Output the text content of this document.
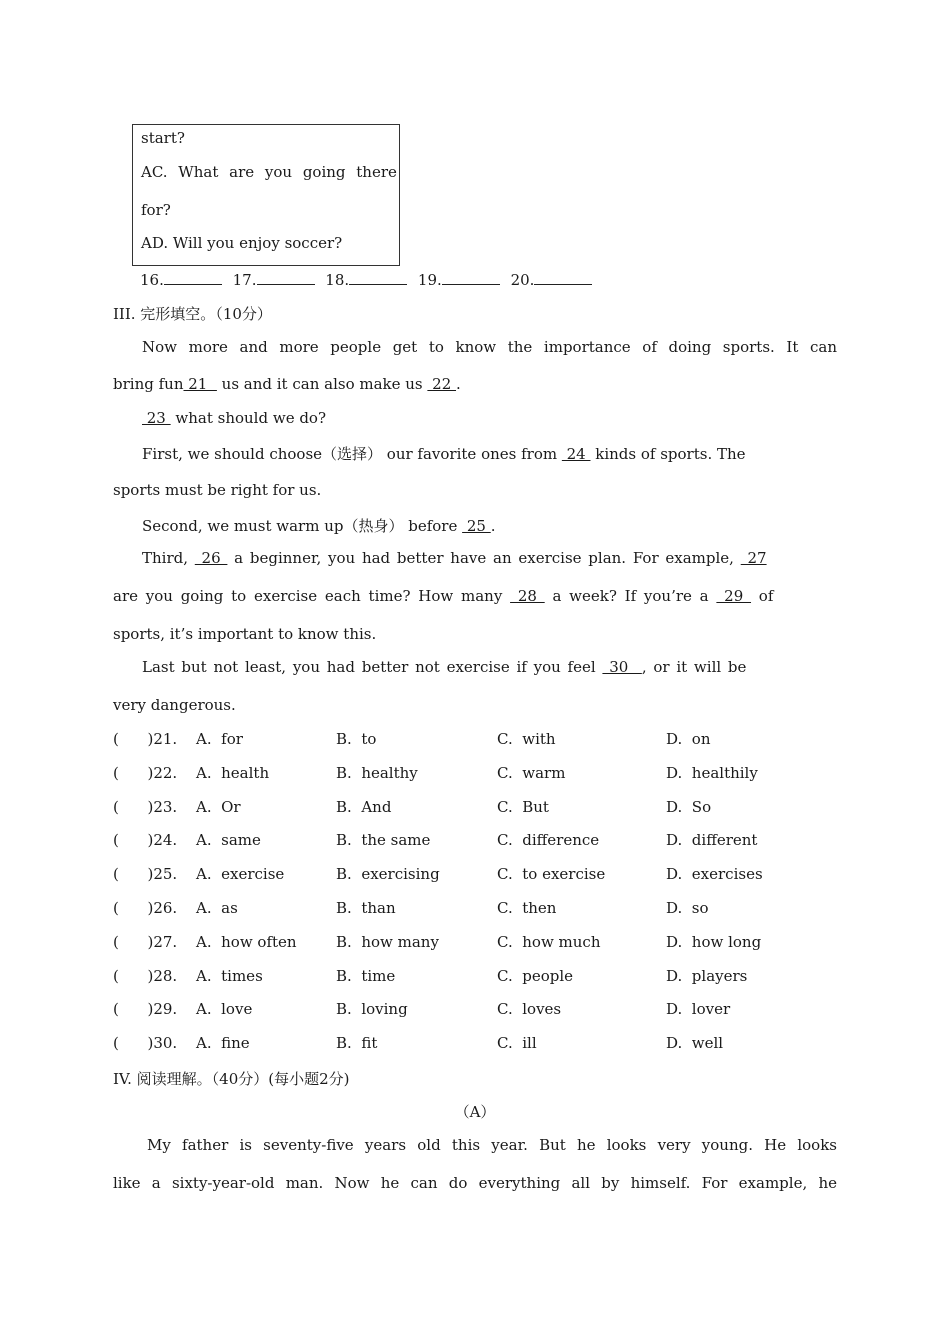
start?
AC. What are you going there
for?
AD. Will you enjoy soccer?
16.	17.	18.	19.	20.
III. 完形填空。（10分）
Now more and more people get to know the importance of doing sports. It can
bring fun 21   us and it can also make us  22 .
23  what should we do?
First, we should choose（选择） our favorite ones from  24  kinds of sports. The
sports must be right for us.
Second, we must warm up（热身） before  25 .
Third,  26  a beginner, you had better have an exercise plan. For example,  27
are you going to exercise each time? How many  28  a week? If you’re a  29  of
sports, it’s important to know this.
Last but not least, you had better not exercise if you feel  30  , or it will be
very dangerous.
(      )21. A.  for	B.  to	C.  with	D.  on
(      )22. A.  health	B.  healthy	C.  warm	D.  healthily
(      )23. A.  Or	B.  And	C.  But	D.  So
(      )24. A.  same	B.  the same	C.  difference	D.  different
(      )25. A.  exercise	B.  exercising	C.  to exercise	D.  exercises
(      )26. A.  as	B.  than	C.  then	D.  so
(      )27. A.  how often	B.  how many	C.  how much	D.  how long
(      )28. A.  times	B.  time	C.  people	D.  players
(      )29. A.  love	B.  loving	C.  loves	D.  lover
(      )30. A.  fine	B.  fit	C.  ill	D.  well
IV. 阅读理解。（40分）(每小题2分)
（A）
My father is seventy-five years old this year. But he looks very young. He looks
like a sixty-year-old man. Now he can do everything all by himself. For example, he
